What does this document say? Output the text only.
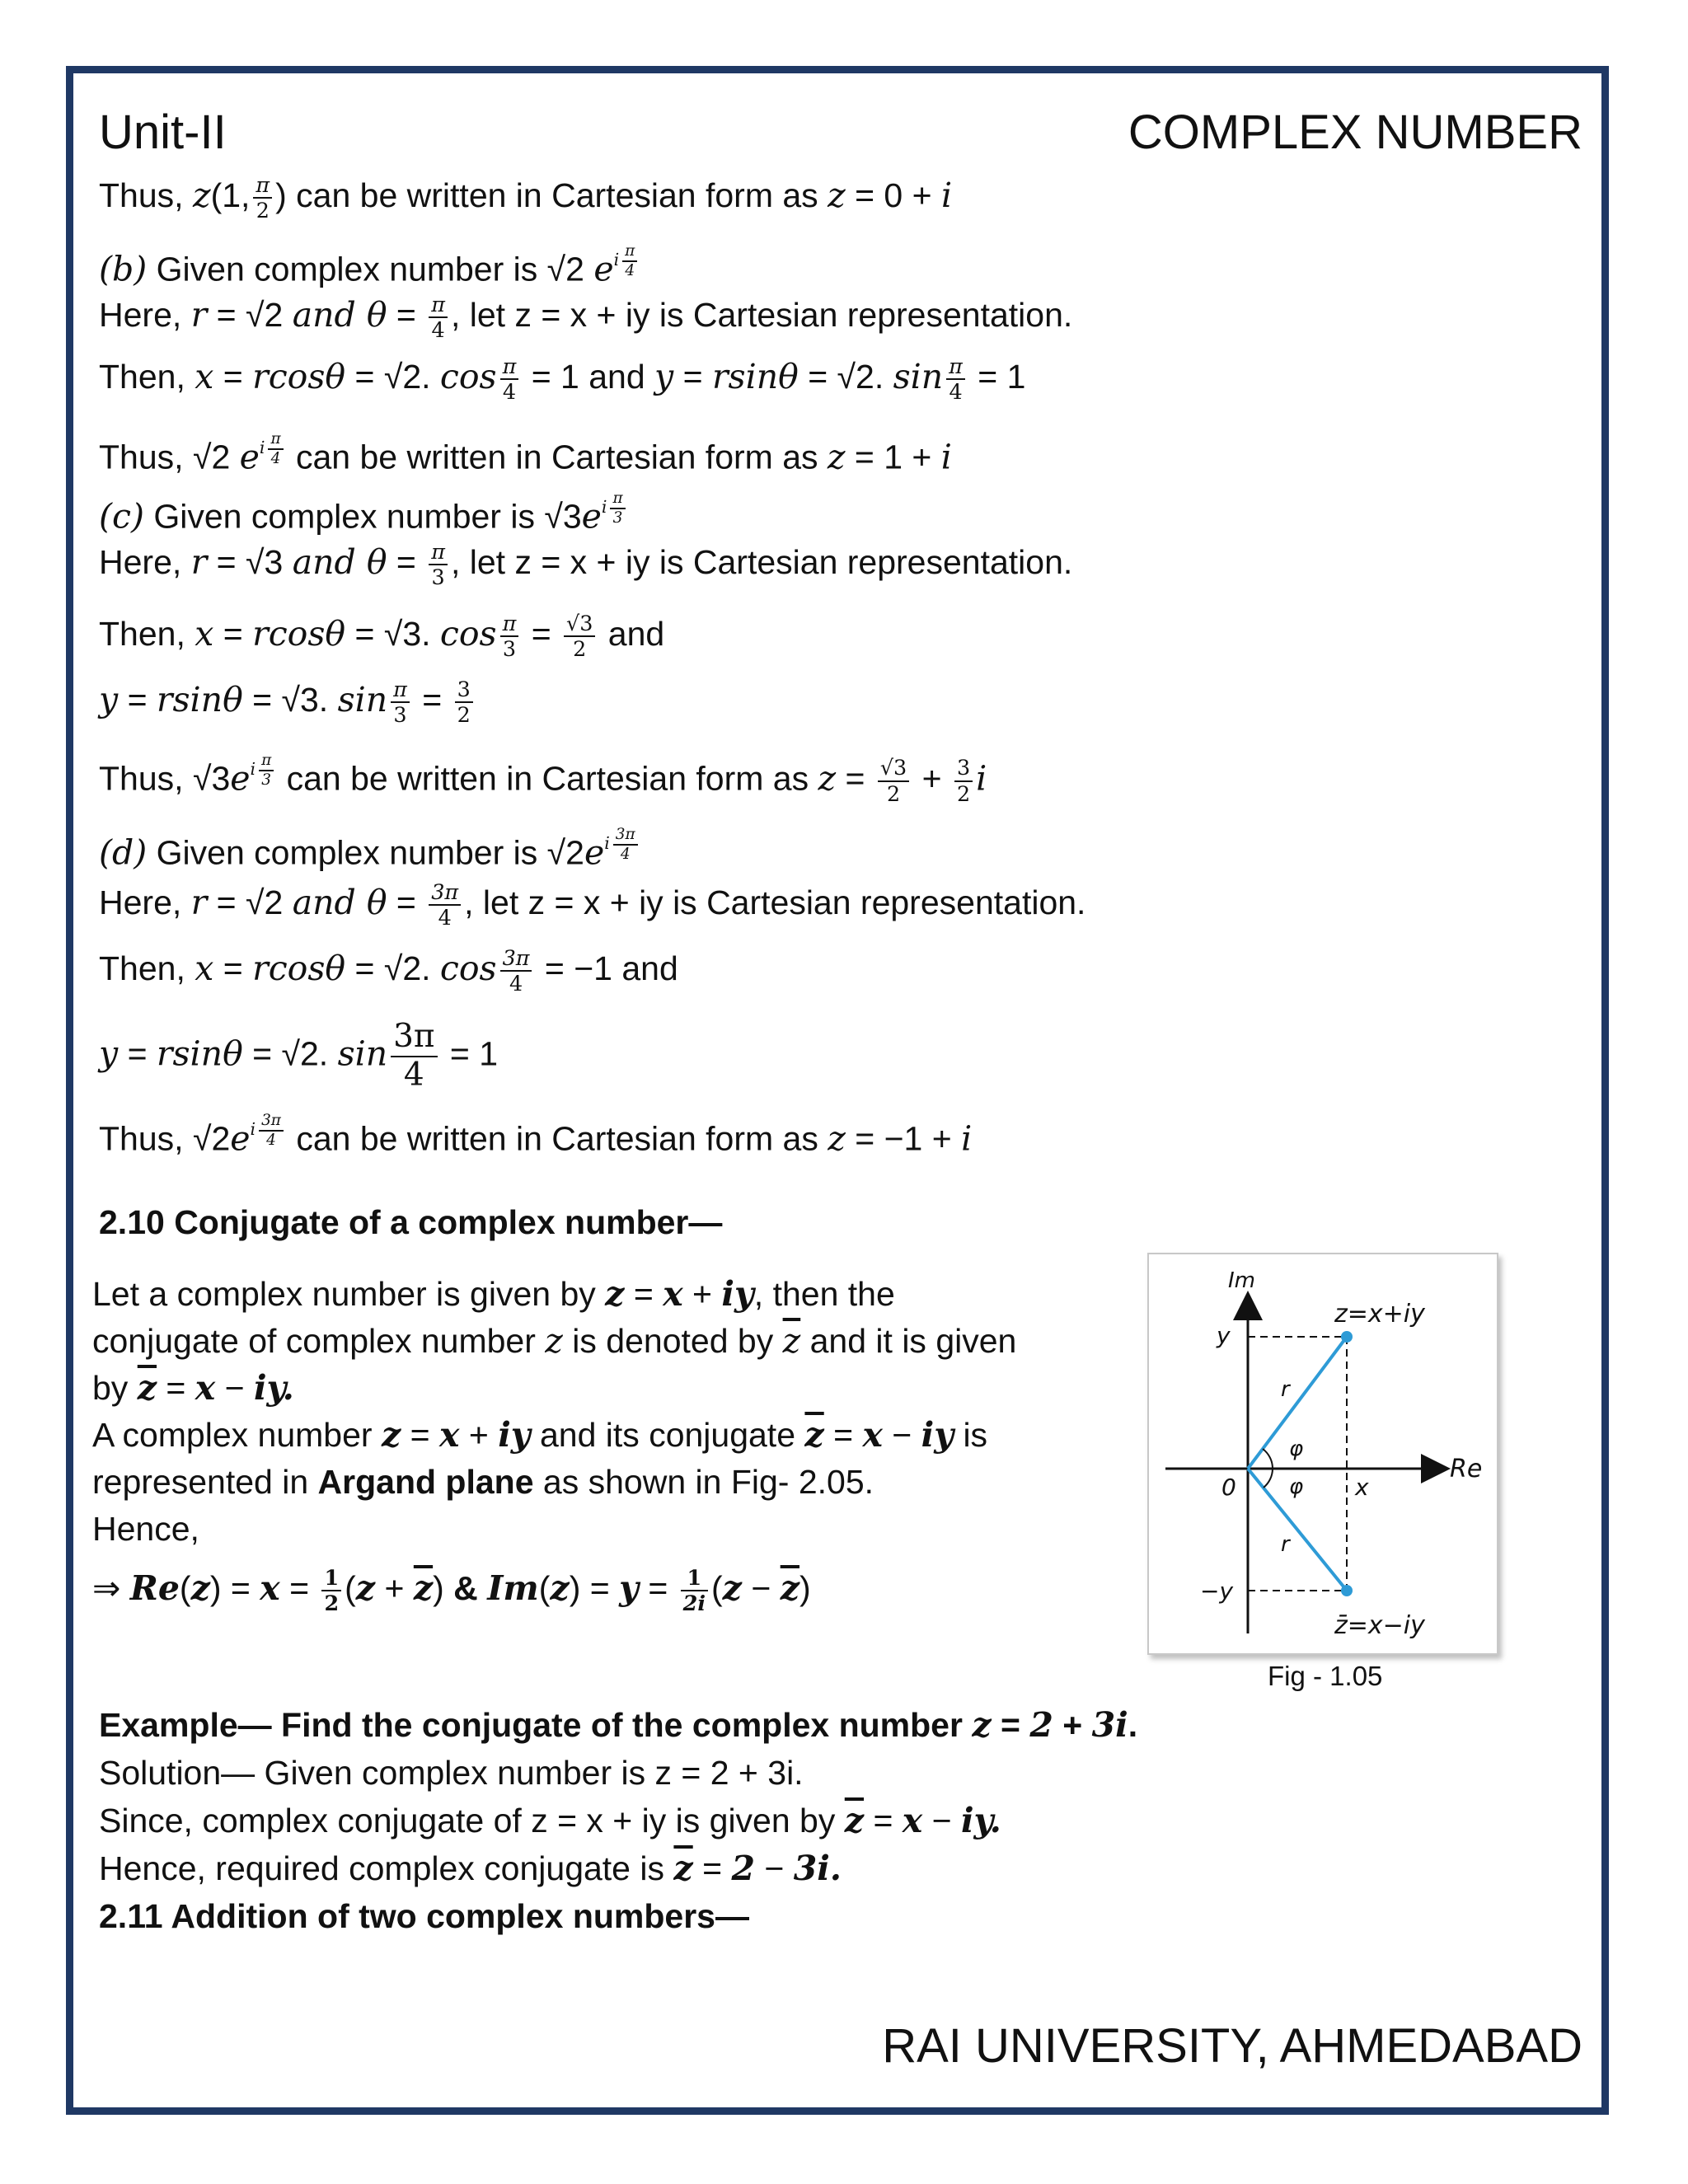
Unit-II	COMPLEX NUMBER
Thus, z(1, $\frac{\pi}{2}$ ) can be written in Cartesian form as z = 0 + i
(b) Given complex number is √2 $e^{i \frac{\pi}{4}}$
Here, r = √2 and $\theta = \frac{\pi}{4}$ , let z = x + iy is Cartesian representation.
Then, x = rcosθ = √2. $\cos \frac{\pi}{4} = 1$ and y = rsinθ = √2. $\sin \frac{\pi}{4} = 1$
Thus, √2 $e^{i \frac{\pi}{4}}$ can be written in Cartesian form as z = 1 + i
(c) Given complex number is $√3e^{i \frac{\pi}{3}}$
Here, r = √3 and $\theta = \frac{\pi}{3}$ , let z = x + iy is Cartesian representation.
Then, x = rcosθ = √3. $\cos \frac{\pi}{3} = \frac{√3}{2}$ and
y = rsinθ = √3. $\sin \frac{\pi}{3} = \frac{3}{2}$
Thus, $√3e^{i \frac{\pi}{3}}$ can be written in Cartesian form as $z = \frac{√3}{2} + \frac{3}{2}$ i
(d) Given complex number is $√2e^{i \frac{3\pi}{4}}$
Here, r = √2 and $\theta = \frac{3\pi}{4}$ , let z = x + iy is Cartesian representation.
Then, x = rcosθ = √2. $\cos \frac{3\pi}{4} = -1$ and
y = rsinθ = √2. $\sin \frac{3\pi}{4} = 1$
Thus, $√2e^{i \frac{3\pi}{4}}$ can be written in Cartesian form as z = −1 + i
2.10 Conjugate of a complex number—
Let a complex number is given by z = x + iy, then the
conjugate of complex number z is denoted by $\overline{z}$ and it is given
by $\overline{z} = x$ − iy.
A complex number z = x + iy and its conjugate $\overline{z} = x$ − iy is
represented in Argand plane as shown in Fig- 2.05.
Hence,
⇒ $Re(z) = x = \frac{1}{2} (z + \overline{z})$ & $Im(z) = y = \frac{1}{2i} (z - \overline{z})$
Im
Re
z=x+iy
z̄=x−iy
y
−y
0	x
r
r
φ
φ
Fig - 1.05
Example— Find the conjugate of the complex number z = 2 + 3i.
Solution— Given complex number is z = 2 + 3i.
Since, complex conjugate of z = x + iy is given by $\overline{z} = x$ − iy.
Hence, required complex conjugate is $\overline{z} = 2 - 3i$.
2.11 Addition of two complex numbers—
RAI UNIVERSITY, AHMEDABAD
